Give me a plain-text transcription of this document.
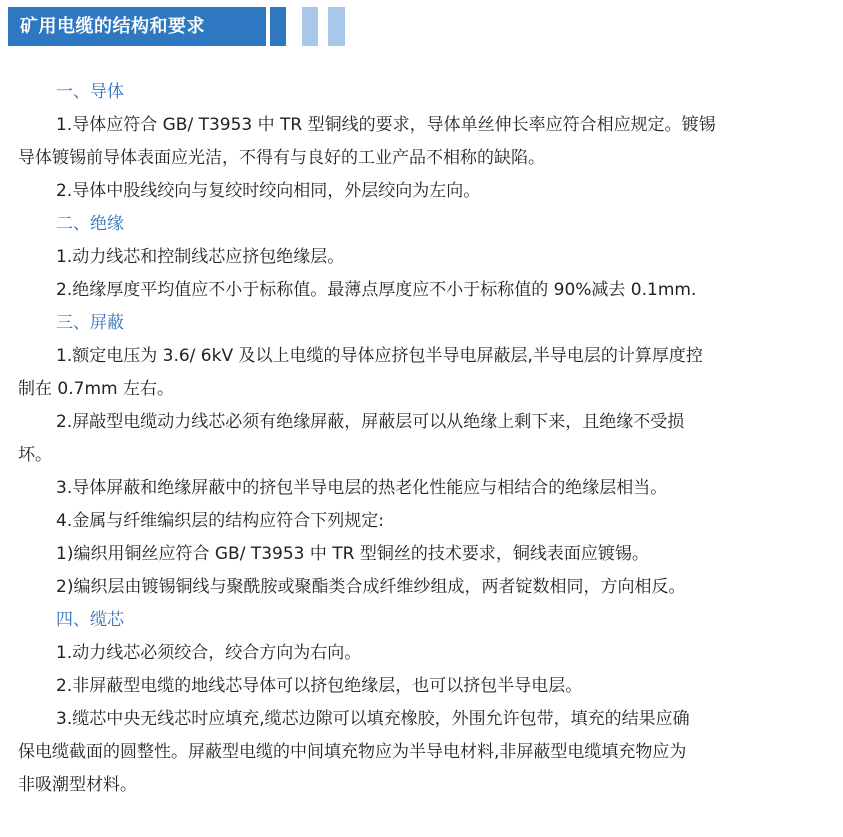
矿用电缆的结构和要求
一、导体
1.导体应符合 GB/ T3953 中 TR 型铜线的要求，导体单丝伸长率应符合相应规定。镀锡
导体镀锡前导体表面应光洁，不得有与良好的工业产品不相称的缺陷。
2.导体中股线绞向与复绞时绞向相同，外层绞向为左向。
二、绝缘
1.动力线芯和控制线芯应挤包绝缘层。
2.绝缘厚度平均值应不小于标称值。最薄点厚度应不小于标称值的 90%减去 0.1mm.
三、屏蔽
1.额定电压为 3.6/ 6kV 及以上电缆的导体应挤包半导电屏蔽层,半导电层的计算厚度控
制在 0.7mm 左右。
2.屏敲型电缆动力线芯必须有绝缘屏蔽，屏蔽层可以从绝缘上剩下来，且绝缘不受损
坏。
3.导体屏蔽和绝缘屏蔽中的挤包半导电层的热老化性能应与相结合的绝缘层相当。
4.金属与纤维编织层的结构应符合下列规定:
1)编织用铜丝应符合 GB/ T3953 中 TR 型铜丝的技术要求，铜线表面应镀锡。
2)编织层由镀锡铜线与聚酰胺或聚酯类合成纤维纱组成，两者锭数相同，方向相反。
四、缆芯
1.动力线芯必须绞合，绞合方向为右向。
2.非屏蔽型电缆的地线芯导体可以挤包绝缘层，也可以挤包半导电层。
3.缆芯中央无线芯时应填充,缆芯边隙可以填充橡胶，外围允许包带，填充的结果应确
保电缆截面的圆整性。屏蔽型电缆的中间填充物应为半导电材料,非屏蔽型电缆填充物应为
非吸潮型材料。
